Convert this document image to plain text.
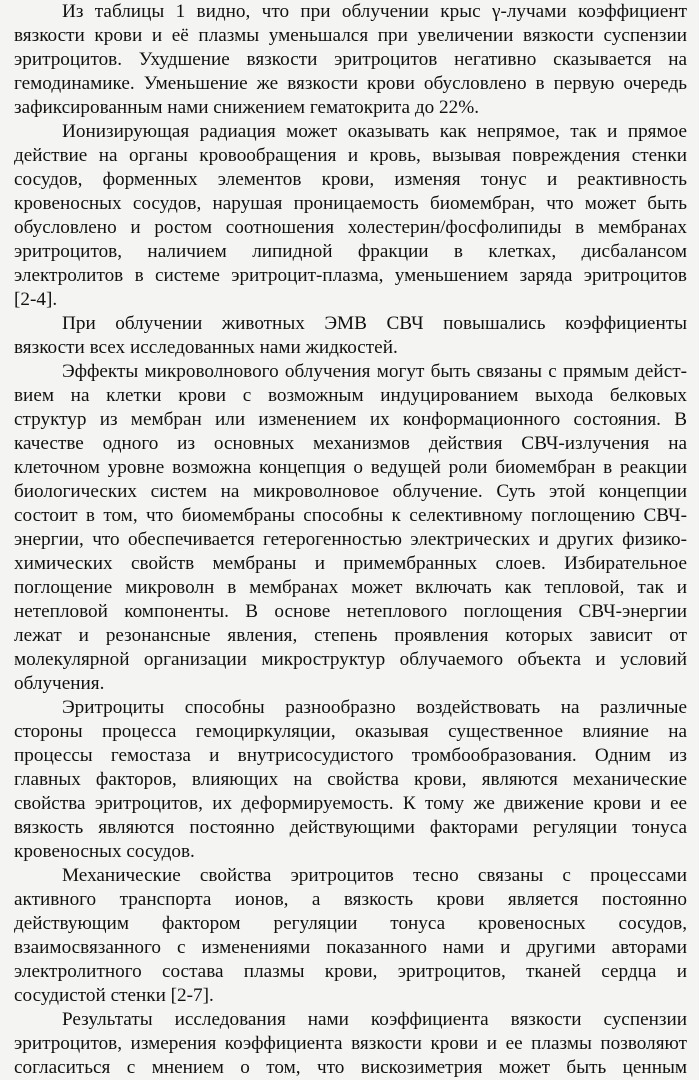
Из таблицы 1 видно, что при облучении крыс γ-лучами коэффициент
вязкости крови и её плазмы уменьшался при увеличении вязкости суспензии
эритроцитов. Ухудшение вязкости эритроцитов негативно сказывается на
гемодинамике. Уменьшение же вязкости крови обусловлено в первую очередь
зафиксированным нами снижением гематокрита до 22%.
Ионизирующая радиация может оказывать как непрямое, так и прямое
действие на органы кровообращения и кровь, вызывая повреждения стенки
сосудов, форменных элементов крови, изменяя тонус и реактивность
кровеносных сосудов, нарушая проницаемость биомембран, что может быть
обусловлено и ростом соотношения холестерин/фосфолипиды в мембранах
эритроцитов, наличием липидной фракции в клетках, дисбалансом
электролитов в системе эритроцит-плазма, уменьшением заряда эритроцитов
[2-4].
При облучении животных ЭМВ СВЧ повышались коэффициенты
вязкости всех исследованных нами жидкостей.
Эффекты микроволнового облучения могут быть связаны с прямым дейст-
вием на клетки крови с возможным индуцированием выхода белковых
структур из мембран или изменением их конформационного состояния. В
качестве одного из основных механизмов действия СВЧ-излучения на
клеточном уровне возможна концепция о ведущей роли биомембран в реакции
биологических систем на микроволновое облучение. Суть этой концепции
состоит в том, что биомембраны способны к селективному поглощению СВЧ-
энергии, что обеспечивается гетерогенностью электрических и других физико-
химических свойств мембраны и примембранных слоев. Избирательное
поглощение микроволн в мембранах может включать как тепловой, так и
нетепловой компоненты. В основе нетеплового поглощения СВЧ-энергии
лежат и резонансные явления, степень проявления которых зависит от
молекулярной организации микроструктур облучаемого объекта и условий
облучения.
Эритроциты способны разнообразно воздействовать на различные
стороны процесса гемоциркуляции, оказывая существенное влияние на
процессы гемостаза и внутрисосудистого тромбообразования. Одним из
главных факторов, влияющих на свойства крови, являются механические
свойства эритроцитов, их деформируемость. К тому же движение крови и ее
вязкость являются постоянно действующими факторами регуляции тонуса
кровеносных сосудов.
Механические свойства эритроцитов тесно связаны с процессами
активного транспорта ионов, а вязкость крови является постоянно
действующим фактором регуляции тонуса кровеносных сосудов,
взаимосвязанного с изменениями показанного нами и другими авторами
электролитного состава плазмы крови, эритроцитов, тканей сердца и
сосудистой стенки [2-7].
Результаты исследования нами коэффициента вязкости суспензии
эритроцитов, измерения коэффициента вязкости крови и ее плазмы позволяют
согласиться с мнением о том, что вискозиметрия может быть ценным
